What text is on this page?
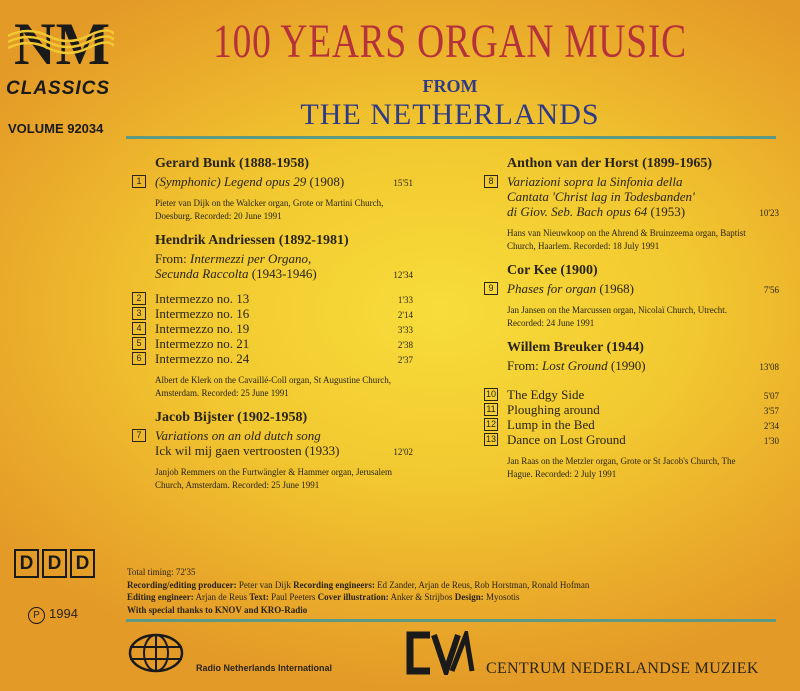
NM
CLASSICS
VOLUME 92034
100 YEARS ORGAN MUSIC
FROM
THE NETHERLANDS
Gerard Bunk (1888-1958)
1	(Symphonic) Legend opus 29 (1908)	15'51
Pieter van Dijk on the Walcker organ, Grote or Martini Church, Doesburg. Recorded: 20 June 1991
Hendrik Andriessen (1892-1981)
From: Intermezzi per Organo,
Secunda Raccolta (1943-1946)	12'34
2	Intermezzo no. 13	1'33
3	Intermezzo no. 16	2'14
4	Intermezzo no. 19	3'33
5	Intermezzo no. 21	2'38
6	Intermezzo no. 24	2'37
Albert de Klerk on the Cavaillé-Coll organ, St Augustine Church, Amsterdam. Recorded: 25 June 1991
Jacob Bijster (1902-1958)
7	Variations on an old dutch song
Ick wil mij gaen vertroosten (1933)	12'02
Janjob Remmers on the Furtwängler & Hammer organ, Jerusalem Church, Amsterdam. Recorded: 25 June 1991
Anthon van der Horst (1899-1965)
8	Variazioni sopra la Sinfonia della
Cantata 'Christ lag in Todesbanden'
di Giov. Seb. Bach opus 64 (1953)	10'23
Hans van Nieuwkoop on the Ahrend & Bruinzeema organ, Baptist Church, Haarlem. Recorded: 18 July 1991
Cor Kee (1900)
9	Phases for organ (1968)	7'56
Jan Jansen on the Marcussen organ, Nicolaï Church, Utrecht. Recorded: 24 June 1991
Willem Breuker (1944)
From: Lost Ground (1990)	13'08
10 The Edgy Side	5'07
11 Ploughing around	3'57
12 Lump in the Bed	2'34
13 Dance on Lost Ground	1'30
Jan Raas on the Metzler organ, Grote or St Jacob's Church, The Hague. Recorded: 2 July 1991
D D D
P 1994
Total timing: 72'35
Recording/editing producer: Peter van Dijk Recording engineers: Ed Zander, Arjan de Reus, Rob Horstman, Ronald Hofman
Editing engineer: Arjan de Reus Text: Paul Peeters Cover illustration: Anker & Strijbos Design: Myosotis
With special thanks to KNOV and KRO-Radio
Radio Netherlands International	CENTRUM NEDERLANDSE MUZIEK
